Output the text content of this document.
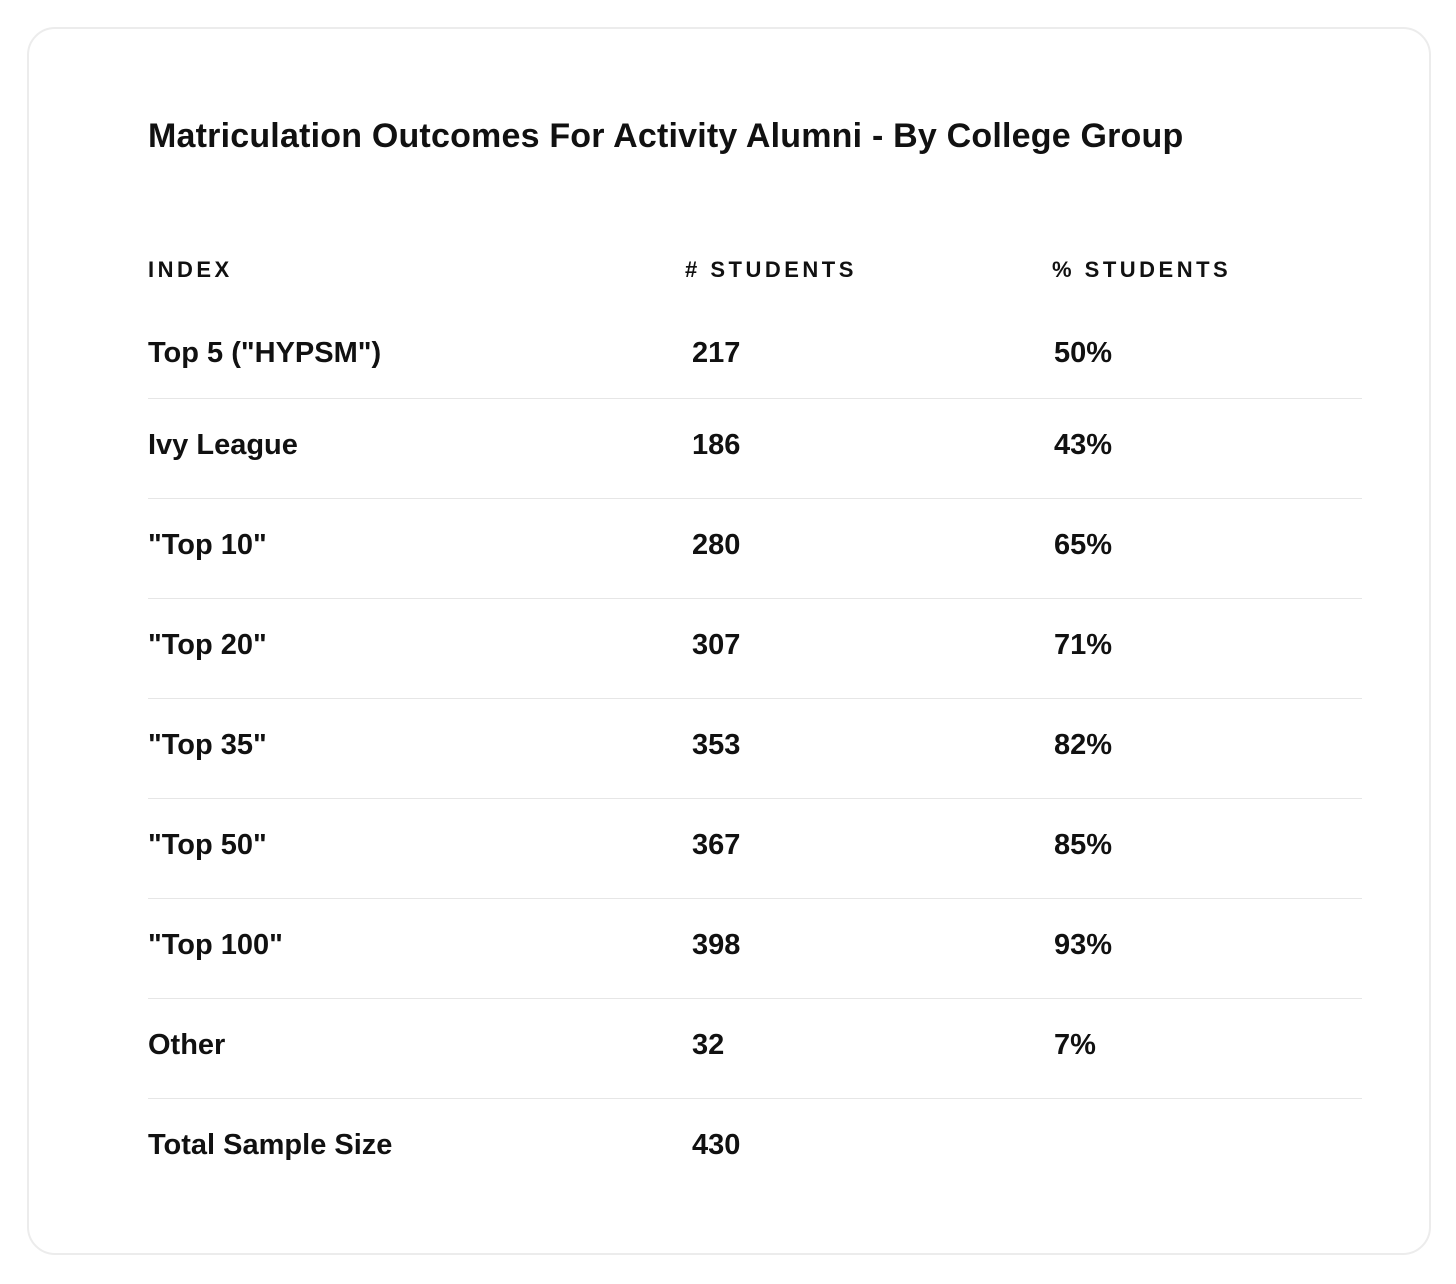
Matriculation Outcomes For Activity Alumni - By College Group
INDEX	# STUDENTS	% STUDENTS
Top 5 ("HYPSM")	217	50%
Ivy League	186	43%
"Top 10"	280	65%
"Top 20"	307	71%
"Top 35"	353	82%
"Top 50"	367	85%
"Top 100"	398	93%
Other	32	7%
Total Sample Size	430
